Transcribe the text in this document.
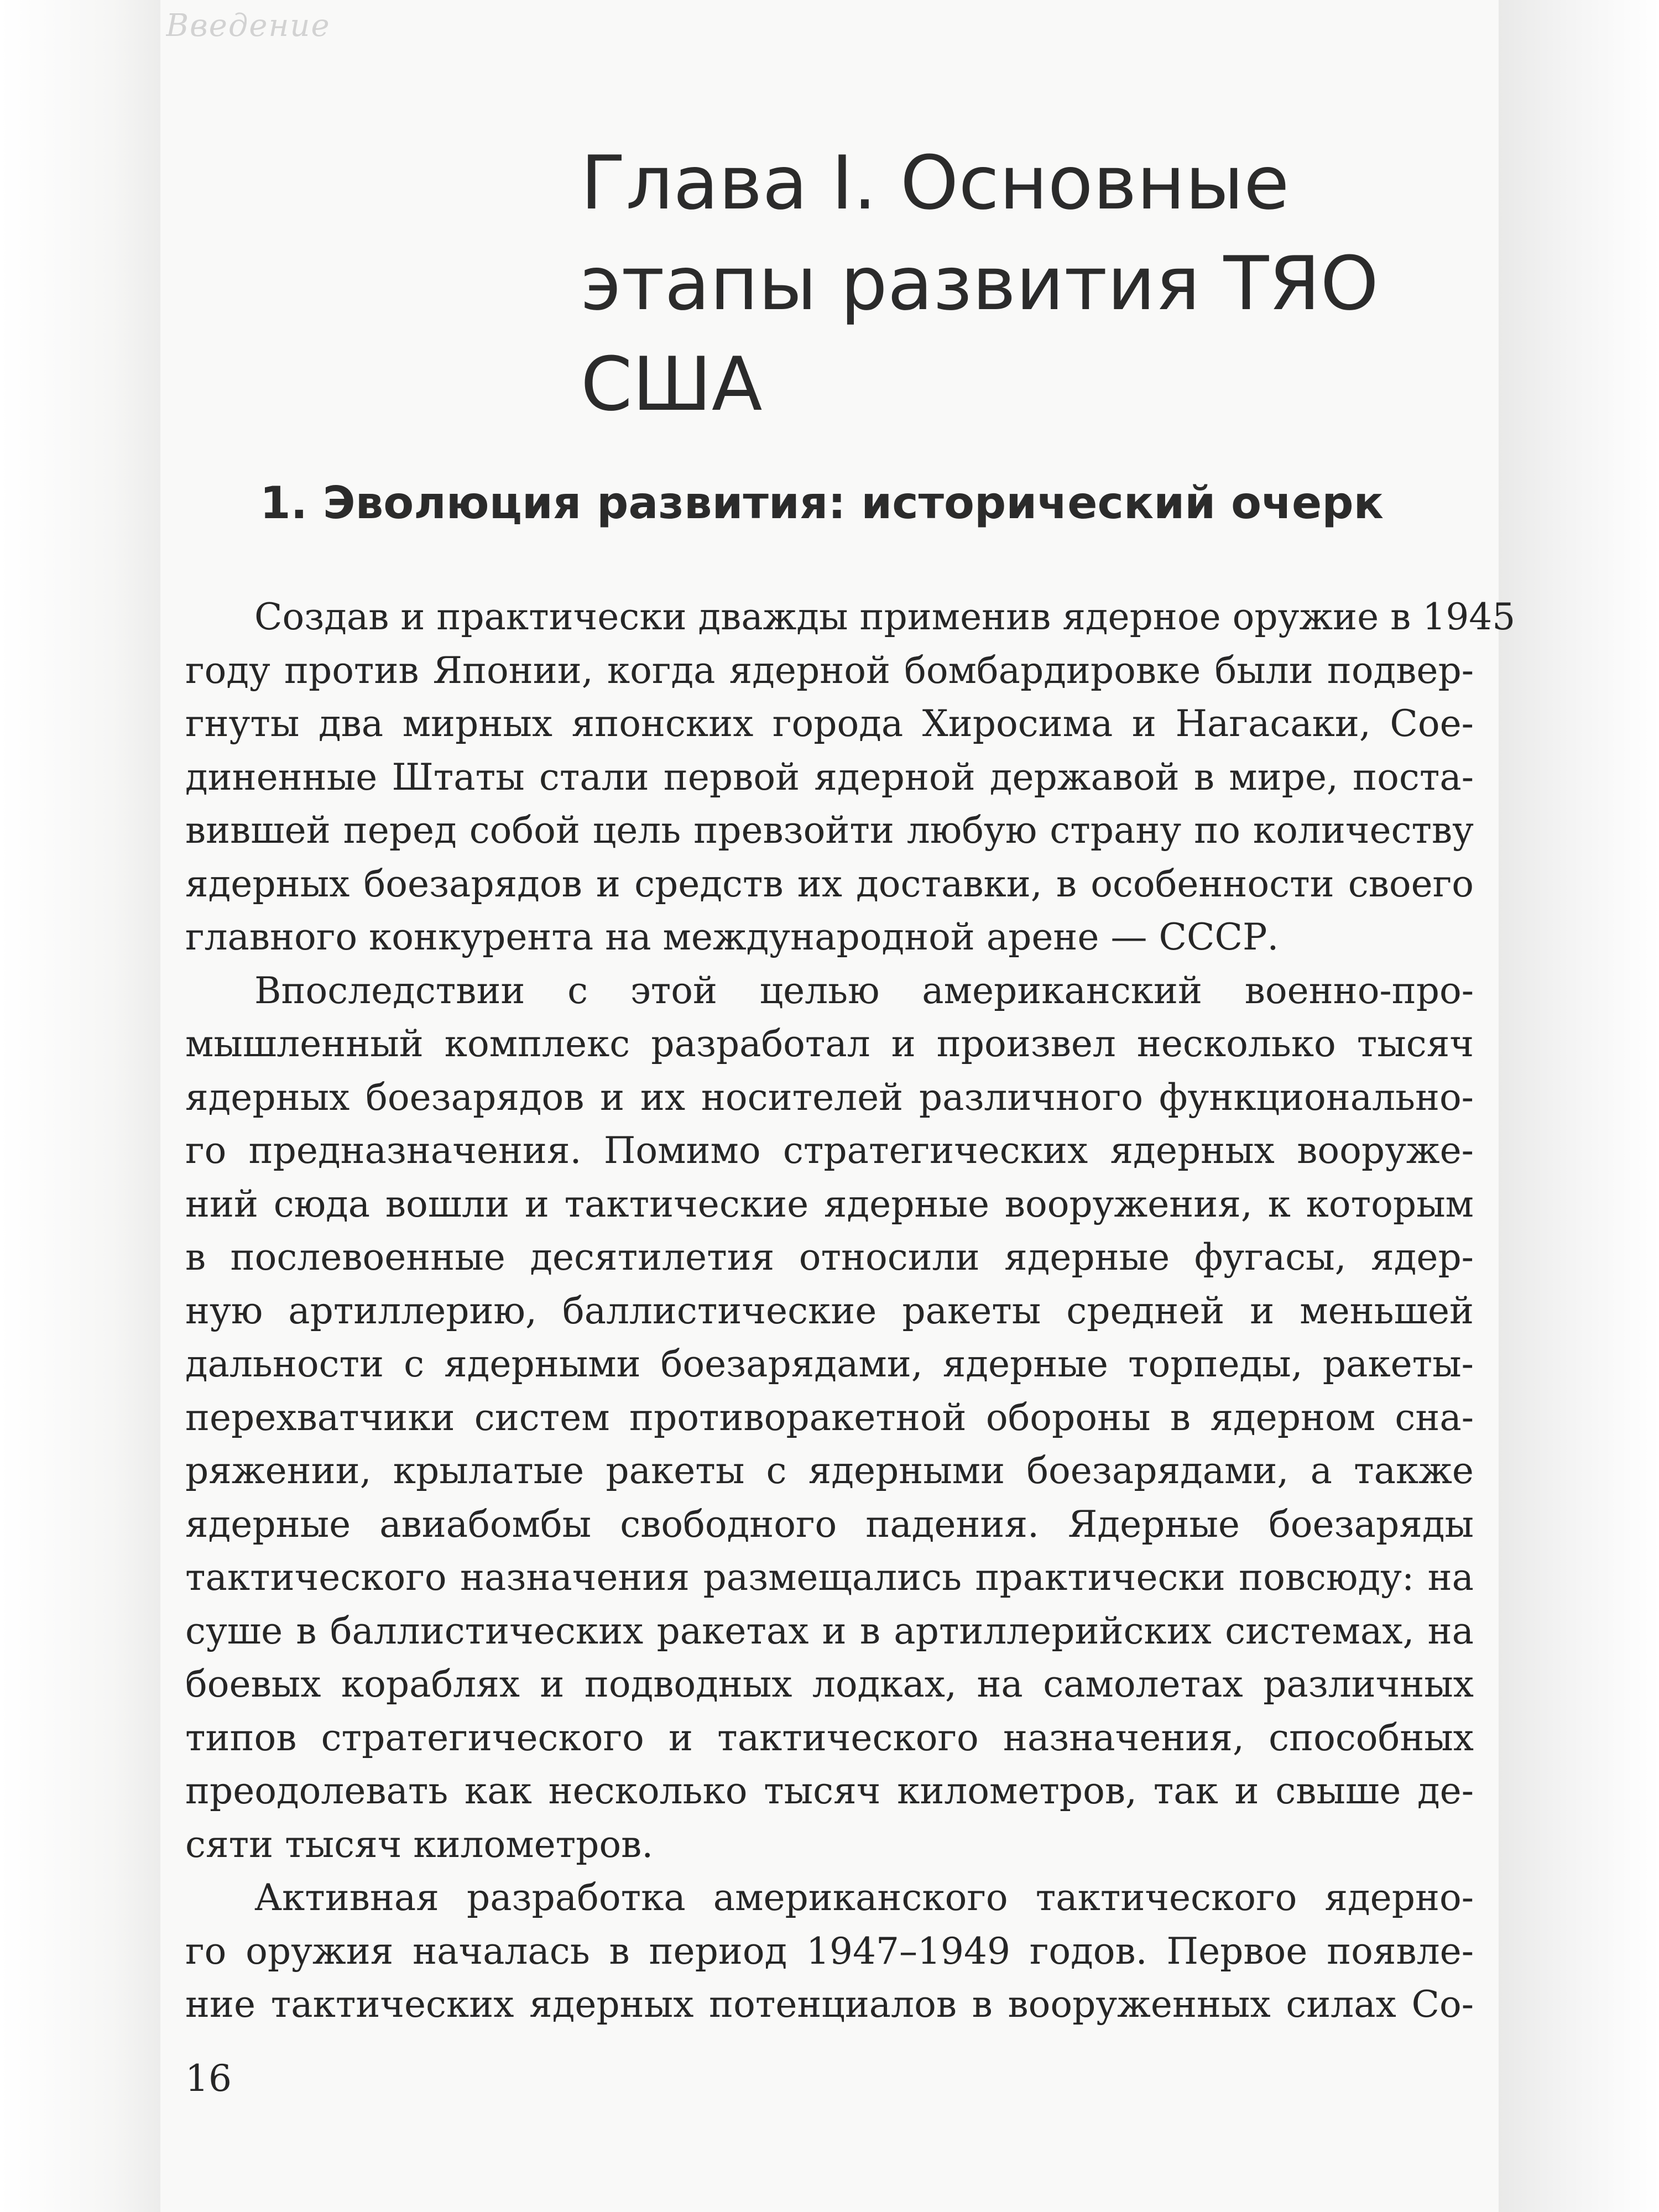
Введение
Глава I. Основные
этапы развития ТЯО
США
1. Эволюция развития: исторический очерк
Создав и практически дважды применив ядерное оружие в 1945
году против Японии, когда ядерной бомбардировке были подвер-
гнуты два мирных японских города Хиросима и Нагасаки, Сое-
диненные Штаты стали первой ядерной державой в мире, поста-
вившей перед собой цель превзойти любую страну по количеству
ядерных боезарядов и средств их доставки, в особенности своего
главного конкурента на международной арене — СССР.
Впоследствии с этой целью американский военно-про-
мышленный комплекс разработал и произвел несколько тысяч
ядерных боезарядов и их носителей различного функционально-
го предназначения. Помимо стратегических ядерных вооруже-
ний сюда вошли и тактические ядерные вооружения, к которым
в послевоенные десятилетия относили ядерные фугасы, ядер-
ную артиллерию, баллистические ракеты средней и меньшей
дальности с ядерными боезарядами, ядерные торпеды, ракеты-
перехватчики систем противоракетной обороны в ядерном сна-
ряжении, крылатые ракеты с ядерными боезарядами, а также
ядерные авиабомбы свободного падения. Ядерные боезаряды
тактического назначения размещались практически повсюду: на
суше в баллистических ракетах и в артиллерийских системах, на
боевых кораблях и подводных лодках, на самолетах различных
типов стратегического и тактического назначения, способных
преодолевать как несколько тысяч километров, так и свыше де-
сяти тысяч километров.
Активная разработка американского тактического ядерно-
го оружия началась в период 1947–1949 годов. Первое появле-
ние тактических ядерных потенциалов в вооруженных силах Со-
16
